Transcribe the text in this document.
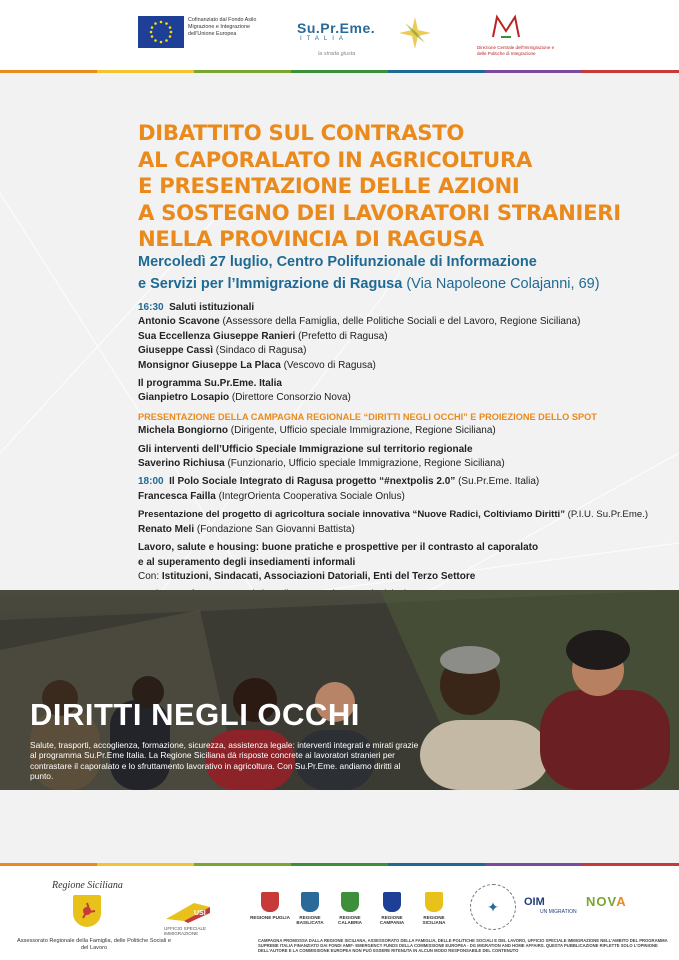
Cofinanziato dal Fondo Asilo Migrazione e Integrazione dell'Unione Europea	Su.Pr.Eme.
ITALIA
la strada giusta
Direzione Centrale dell'Immigrazione e delle Politiche di Integrazione
DIBATTITO SUL CONTRASTO
AL CAPORALATO IN AGRICOLTURA
E PRESENTAZIONE DELLE AZIONI
A SOSTEGNO DEI LAVORATORI STRANIERI
NELLA PROVINCIA DI RAGUSA
Mercoledì 27 luglio, Centro Polifunzionale di Informazione
e Servizi per l’Immigrazione di Ragusa (Via Napoleone Colajanni, 69)
16:30 Saluti istituzionali
Antonio Scavone (Assessore della Famiglia, delle Politiche Sociali e del Lavoro, Regione Siciliana)
Sua Eccellenza Giuseppe Ranieri (Prefetto di Ragusa)
Giuseppe Cassì (Sindaco di Ragusa)
Monsignor Giuseppe La Placa (Vescovo di Ragusa)
Il programma Su.Pr.Eme. Italia
Gianpietro Losapio (Direttore Consorzio Nova)
PRESENTAZIONE DELLA CAMPAGNA REGIONALE “DIRITTI NEGLI OCCHI” E PROIEZIONE DELLO SPOT
Michela Bongiorno (Dirigente, Ufficio speciale Immigrazione, Regione Siciliana)
Gli interventi dell’Ufficio Speciale Immigrazione sul territorio regionale
Saverino Richiusa (Funzionario, Ufficio speciale Immigrazione, Regione Siciliana)
18:00 Il Polo Sociale Integrato di Ragusa progetto “#nextpolis 2.0” (Su.Pr.Eme. Italia)
Francesca Failla (IntegrOrienta Cooperativa Sociale Onlus)
Presentazione del progetto di agricoltura sociale innovativa “Nuove Radici, Coltiviamo Diritti” (P.I.U. Su.Pr.Eme.)
Renato Meli (Fondazione San Giovanni Battista)
Lavoro, salute e housing: buone pratiche e prospettive per il contrasto al caporalato
e al superamento degli insediamenti informali
Con: Istituzioni, Sindacati, Associazioni Datoriali, Enti del Terzo Settore

DIRITTI NEGLI OCCHI
Salute, trasporti, accoglienza, formazione, sicurezza, assistenza legale: interventi integrati e mirati grazie al programma Su.Pr.Eme Italia. La Regione Siciliana dà risposte concrete ai lavoratori stranieri per contrastare il caporalato e lo sfruttamento lavorativo in agricoltura. Con Su.Pr.Eme. andiamo diritti al punto.
Regione Siciliana
Assessorato Regionale della Famiglia, delle Politiche Sociali e del Lavoro
USI
UFFICIO SPECIALE IMMIGRAZIONE
REGIONE PUGLIA	REGIONE BASILICATA
REGIONE CALABRIA
REGIONE CAMPANIA
REGIONE SICILIANA
✦	OIM
UN MIGRATION
NOVA
CAMPAGNA PROMOSSA DALLA REGIONE SICILIANA, ASSESSORATO DELLA FAMIGLIA, DELLE POLITICHE SOCIALI E DEL LAVORO, UFFICIO SPECIALE IMMIGRAZIONE NELL'AMBITO DEL PROGRAMMA SUPREME ITALIA FINANZIATO DAI FONDI AMIF- EMERGENCY FUNDS DELLA COMMISSIONE EUROPEA - DG MIGRATION AND HOME AFFAIRS. QUESTA PUBBLICAZIONE RIFLETTE SOLO L'OPINIONE DELL'AUTORE E LA COMMISSIONE EUROPEA NON PUÒ ESSERE RITENUTA IN ALCUN MODO RESPONSABILE DEL CONTENUTO
